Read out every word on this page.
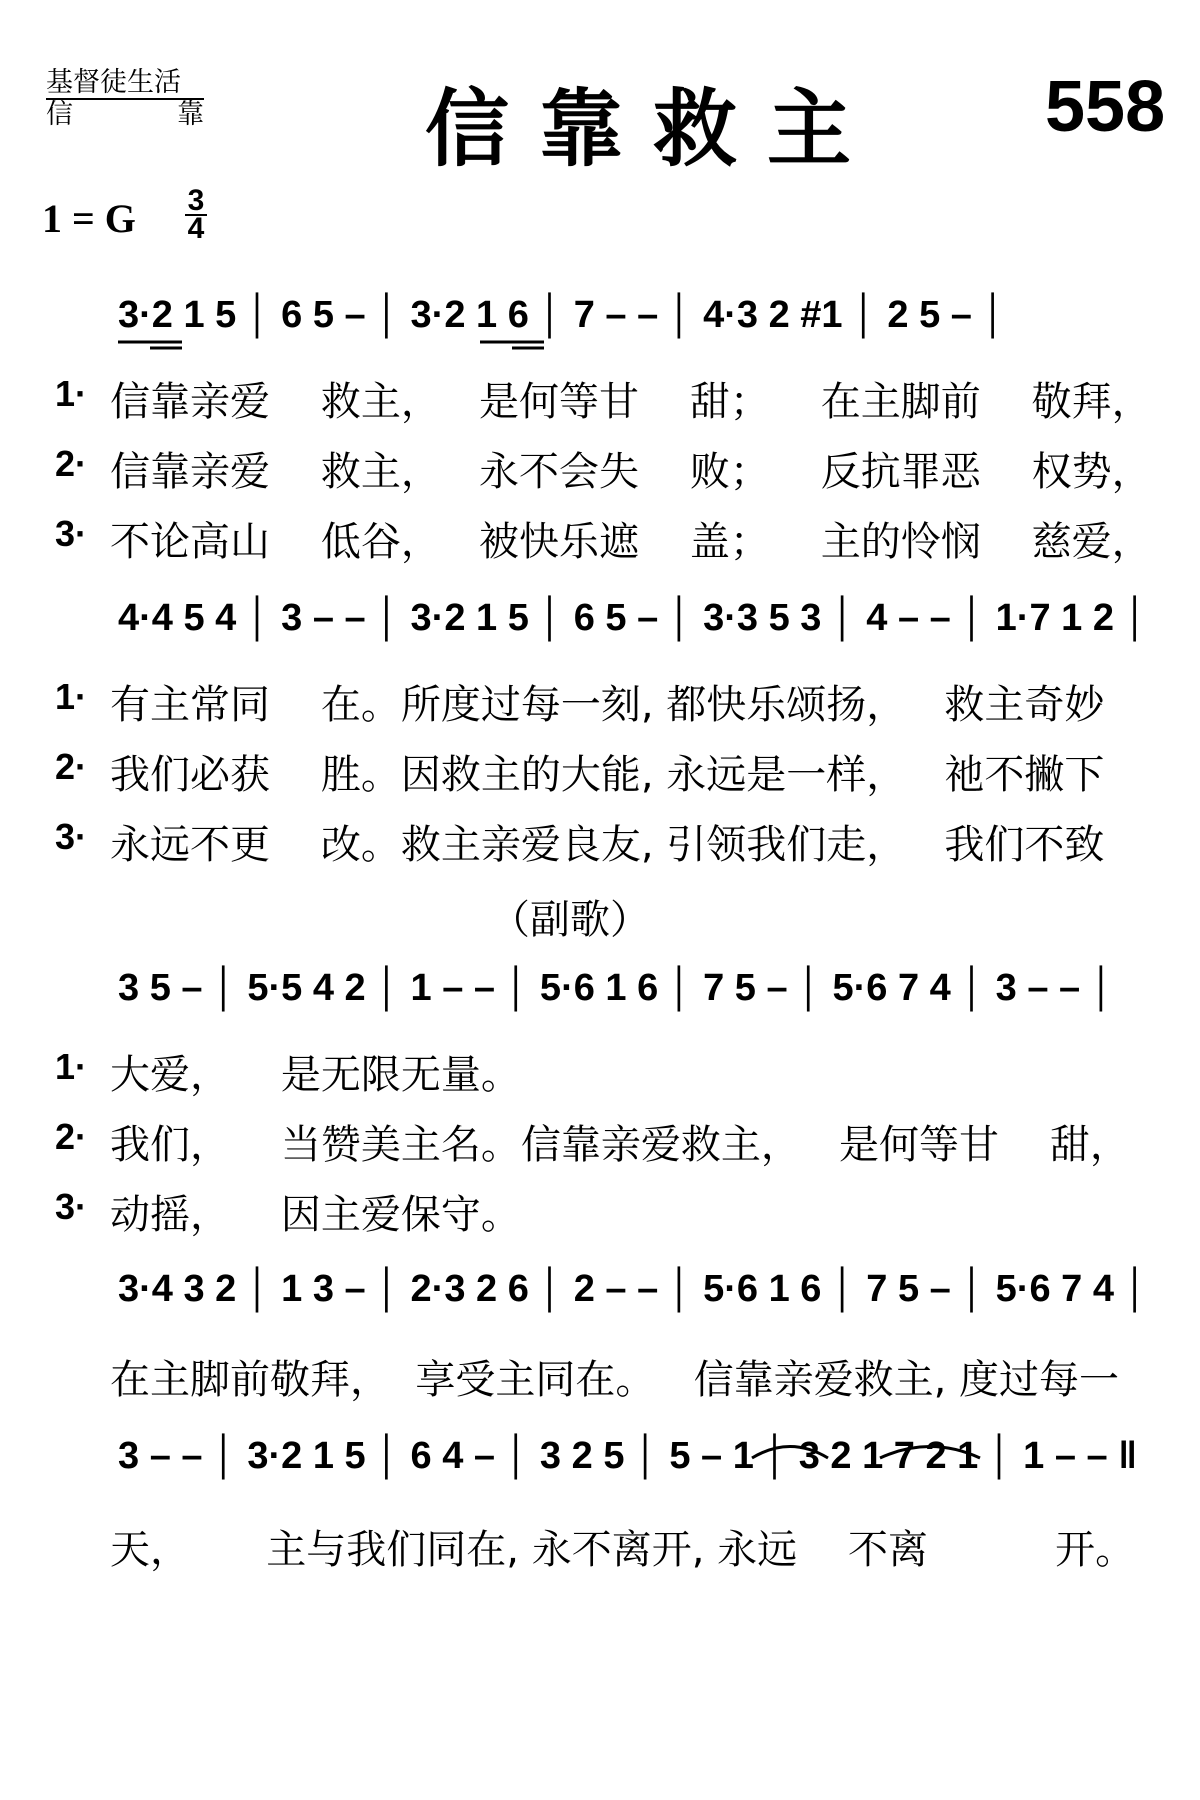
基督徒生活
信	靠	信靠救主 558
1 = G 3
4
3·2 1 5 │ 6 5 – │ 3·2 1 6 │ 7 – – │ 4·3 2 #1 │ 2 5 – │
1· 信靠亲爱    救主，   是何等甘    甜；    在主脚前    敬拜，
2· 信靠亲爱    救主，   永不会失    败；    反抗罪恶    权势，
3· 不论高山    低谷，   被快乐遮    盖；    主的怜悯    慈爱，
4·4 5 4 │ 3 – – │ 3·2 1 5 │ 6 5 – │ 3·3 5 3 │ 4 – – │ 1·7 1 2 │
1· 有主常同    在。所度过每一刻, 都快乐颂扬，   救主奇妙
2· 我们必获    胜。因救主的大能, 永远是一样，   祂不撇下
3· 永远不更    改。救主亲爱良友, 引领我们走，   我们不致
（副歌）
3 5 – │ 5·5 4 2 │ 1 – – │ 5·6 1 6 │ 7 5 – │ 5·6 7 4 │ 3 – – │
1· 大爱，    是无限无量。
2· 我们，    当赞美主名。信靠亲爱救主，   是何等甘    甜，
3· 动摇，    因主爱保守。
3·4 3 2 │ 1 3 – │ 2·3 2 6 │ 2 – – │ 5·6 1 6 │ 7 5 – │ 5·6 7 4 │
在主脚前敬拜，  享受主同在。   信靠亲爱救主, 度过每一
3 – – │ 3·2 1 5 │ 6 4 – │ 3 2 5 │ 5 – 1 │ 3 2 1 7 2 1 │ 1 – – ‖
天，      主与我们同在, 永不离开, 永远    不离          开。
